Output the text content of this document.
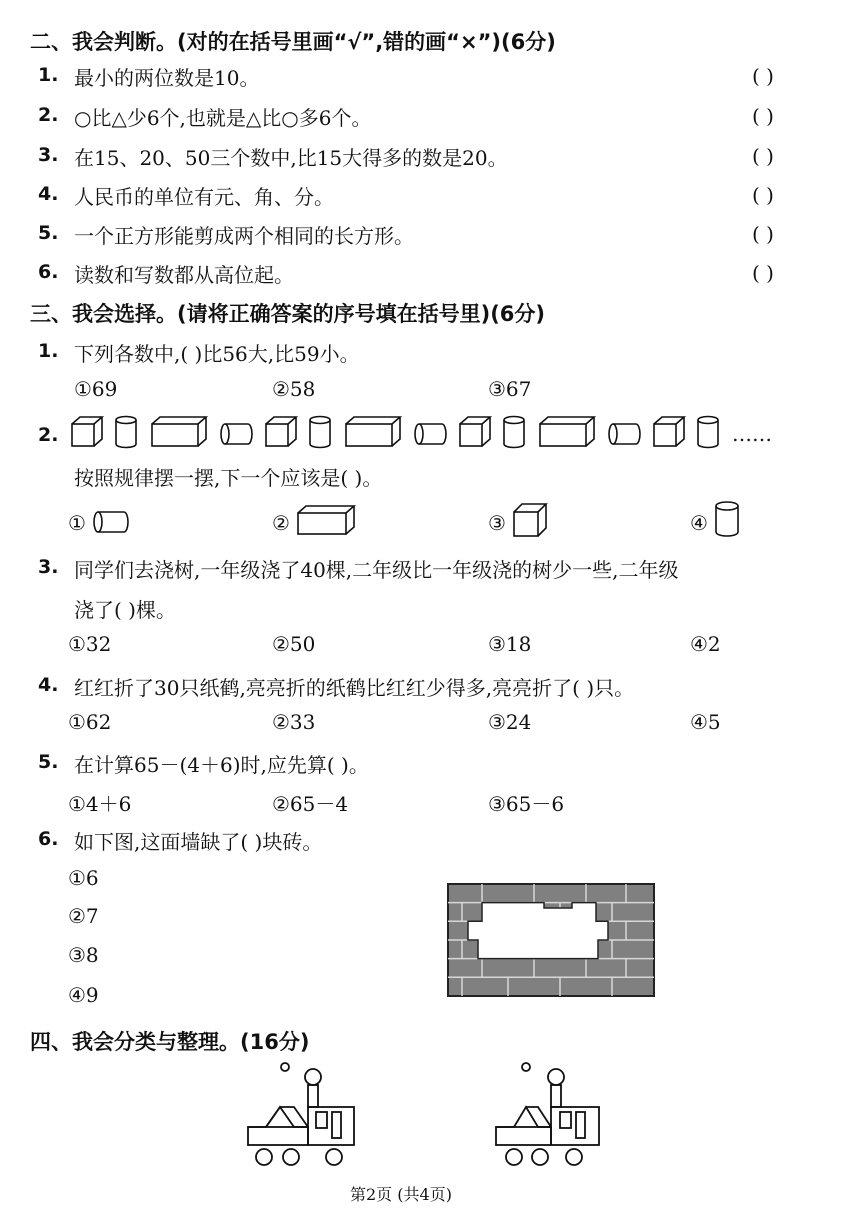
二、我会判断。(对的在括号里画“√”,错的画“×”)(6分)
1. 最小的两位数是10。	( )
2. ○比△少6个,也就是△比○多6个。	( )
3. 在15、20、50三个数中,比15大得多的数是20。	( )
4. 人民币的单位有元、角、分。	( )
5. 一个正方形能剪成两个相同的长方形。	( )
6. 读数和写数都从高位起。	( )
三、我会选择。(请将正确答案的序号填在括号里)(6分)
1. 下列各数中,( )比56大,比59小。
①69	②58	③67
2.	……
按照规律摆一摆,下一个应该是( )。
①	②	③	④
3. 同学们去浇树,一年级浇了40棵,二年级比一年级浇的树少一些,二年级
浇了( )棵。
①32	②50	③18	④2
4. 红红折了30只纸鹤,亮亮折的纸鹤比红红少得多,亮亮折了( )只。
①62	②33	③24	④5
5. 在计算65－(4＋6)时,应先算( )。
①4＋6	②65－4	③65－6
6. 如下图,这面墙缺了( )块砖。
①6
②7
③8
④9
四、我会分类与整理。(16分)
第2页 (共4页)
